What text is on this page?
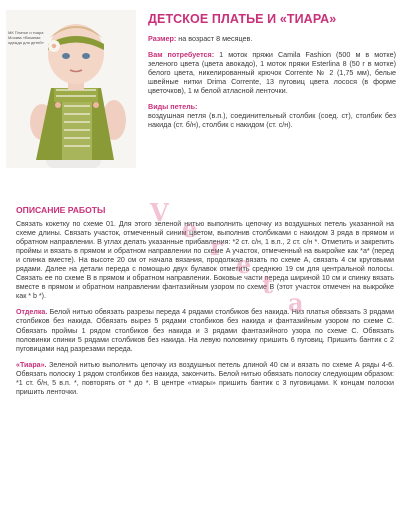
МК Платье и тиара Москва «Вязаная одежда для детей»
ДЕТСКОЕ ПЛАТЬЕ И «ТИАРА»

Размер: на возраст 8 месяцев.

Вам потребуется: 1 моток пряжи Camila Fashion (500 м в мотке) зеленого цвета (цвета авокадо), 1 моток пряжи Esterlina 8 (50 г в мотке) белого цвета, никелированный крючок Corrente № 2 (1,75 мм), белые швейные нитки Drima Corrente, 13 пуговиц цвета лосося (в форме цветочков), 1 м белой атласной ленточки.

Виды петель:
воздушная петля (в.п.), соединительный столбик (соед. ст), столбик без накида (ст. б/н), столбик с накидом (ст. с/н).

ОПИСАНИЕ РАБОТЫ

Связать кокетку по схеме 01. Для этого зеленой нитью выполнить цепочку из воздушных петель указанной на схеме длины. Связать участок, отмеченный синим цветом, выполнив столбиками с накидом 3 ряда в прямом и обратном направлении. В углах делать указанные прибавления: *2 ст. с/н, 1 в.п., 2 ст. с/н *. Отметить и закрепить проймы и вязать в прямом и обратном направлении по схеме A участок, отмеченный на выкройке как *а* (перед и спинка вместе). На высоте 20 см от начала вязания, продолжая вязать по схеме A, связать 4 см круговыми рядами. Далее на детали переда с помощью двух булавок отметить среднюю 19 см для центральной полосы. Связать ее по схеме B в прямом и обратном направлении. Боковые части переда шириной 10 см и спинку вязать вместе в прямом и обратном направлении фантазийным узором по схеме B (этот участок отмечен на выкройке как * b *).

Отделка. Белой нитью обвязать разрезы переда 4 рядами столбиков без накида. Низ платья обвязать 3 рядами столбиков без накида. Обвязать вырез 5 рядами столбиков без накида и фантазийным узором по схеме С. Обвязать проймы 1 рядом столбиков без накида и 3 рядами фантазийного узора по схеме С. Обвязать половинки спинки 5 рядами столбиков без накида. На левую половинку пришить 6 пуговиц. Пришить бантик с 2 пуговицами над разрезами переда.

«Тиара». Зеленой нитью выполнить цепочку из воздушных петель длиной 40 см и вязать по схеме А ряды 4-6. Обвязать полоску 1 рядом столбиков без накида, закончить. Белой нитью обвязать полоску следующим образом: *1 ст. б/н, 5 в.п. *, повторять от * до *. В центре «тиары» пришить бантик с 3 пуговицами. К концам полоски пришить ленточки.

V
e
r
e
t
a
